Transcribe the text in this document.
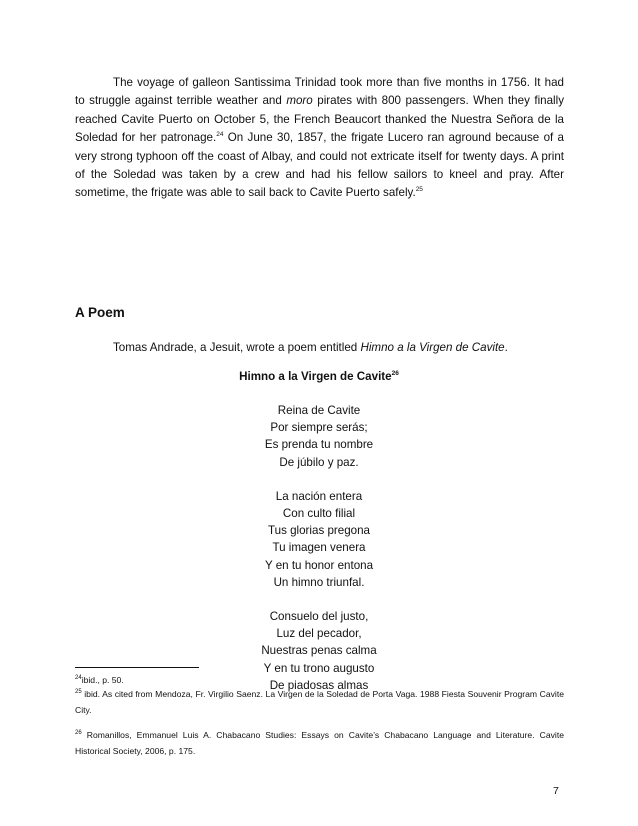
The voyage of galleon Santissima Trinidad took more than five months in 1756. It had to struggle against terrible weather and moro pirates with 800 passengers. When they finally reached Cavite Puerto on October 5, the French Beaucort thanked the Nuestra Señora de la Soledad for her patronage.$^{24}$ On June 30, 1857, the frigate Lucero ran aground because of a very strong typhoon off the coast of Albay, and could not extricate itself for twenty days. A print of the Soledad was taken by a crew and had his fellow sailors to kneel and pray. After sometime, the frigate was able to sail back to Cavite Puerto safely.$^{25}$

A Poem

Tomas Andrade, a Jesuit, wrote a poem entitled Himno a la Virgen de Cavite.

Himno a la Virgen de Cavite$^{26}$

Reina de Cavite
Por siempre serás;
Es prenda tu nombre
De júbilo y paz.
La nación entera
Con culto filial
Tus glorias pregona
Tu imagen venera
Y en tu honor entona
Un himno triunfal.
Consuelo del justo,
Luz del pecador,
Nuestras penas calma
Y en tu trono augusto
De piadosas almas

$^{24}$ibid., p. 50.

$^{25}$ ibid. As cited from Mendoza, Fr. Virgilio Saenz. La Virgen de la Soledad de Porta Vaga. 1988 Fiesta Souvenir Program Cavite City.

$^{26}$ Romanillos, Emmanuel Luis A. Chabacano Studies: Essays on Cavite’s Chabacano Language and Literature. Cavite Historical Society, 2006, p. 175.

7
